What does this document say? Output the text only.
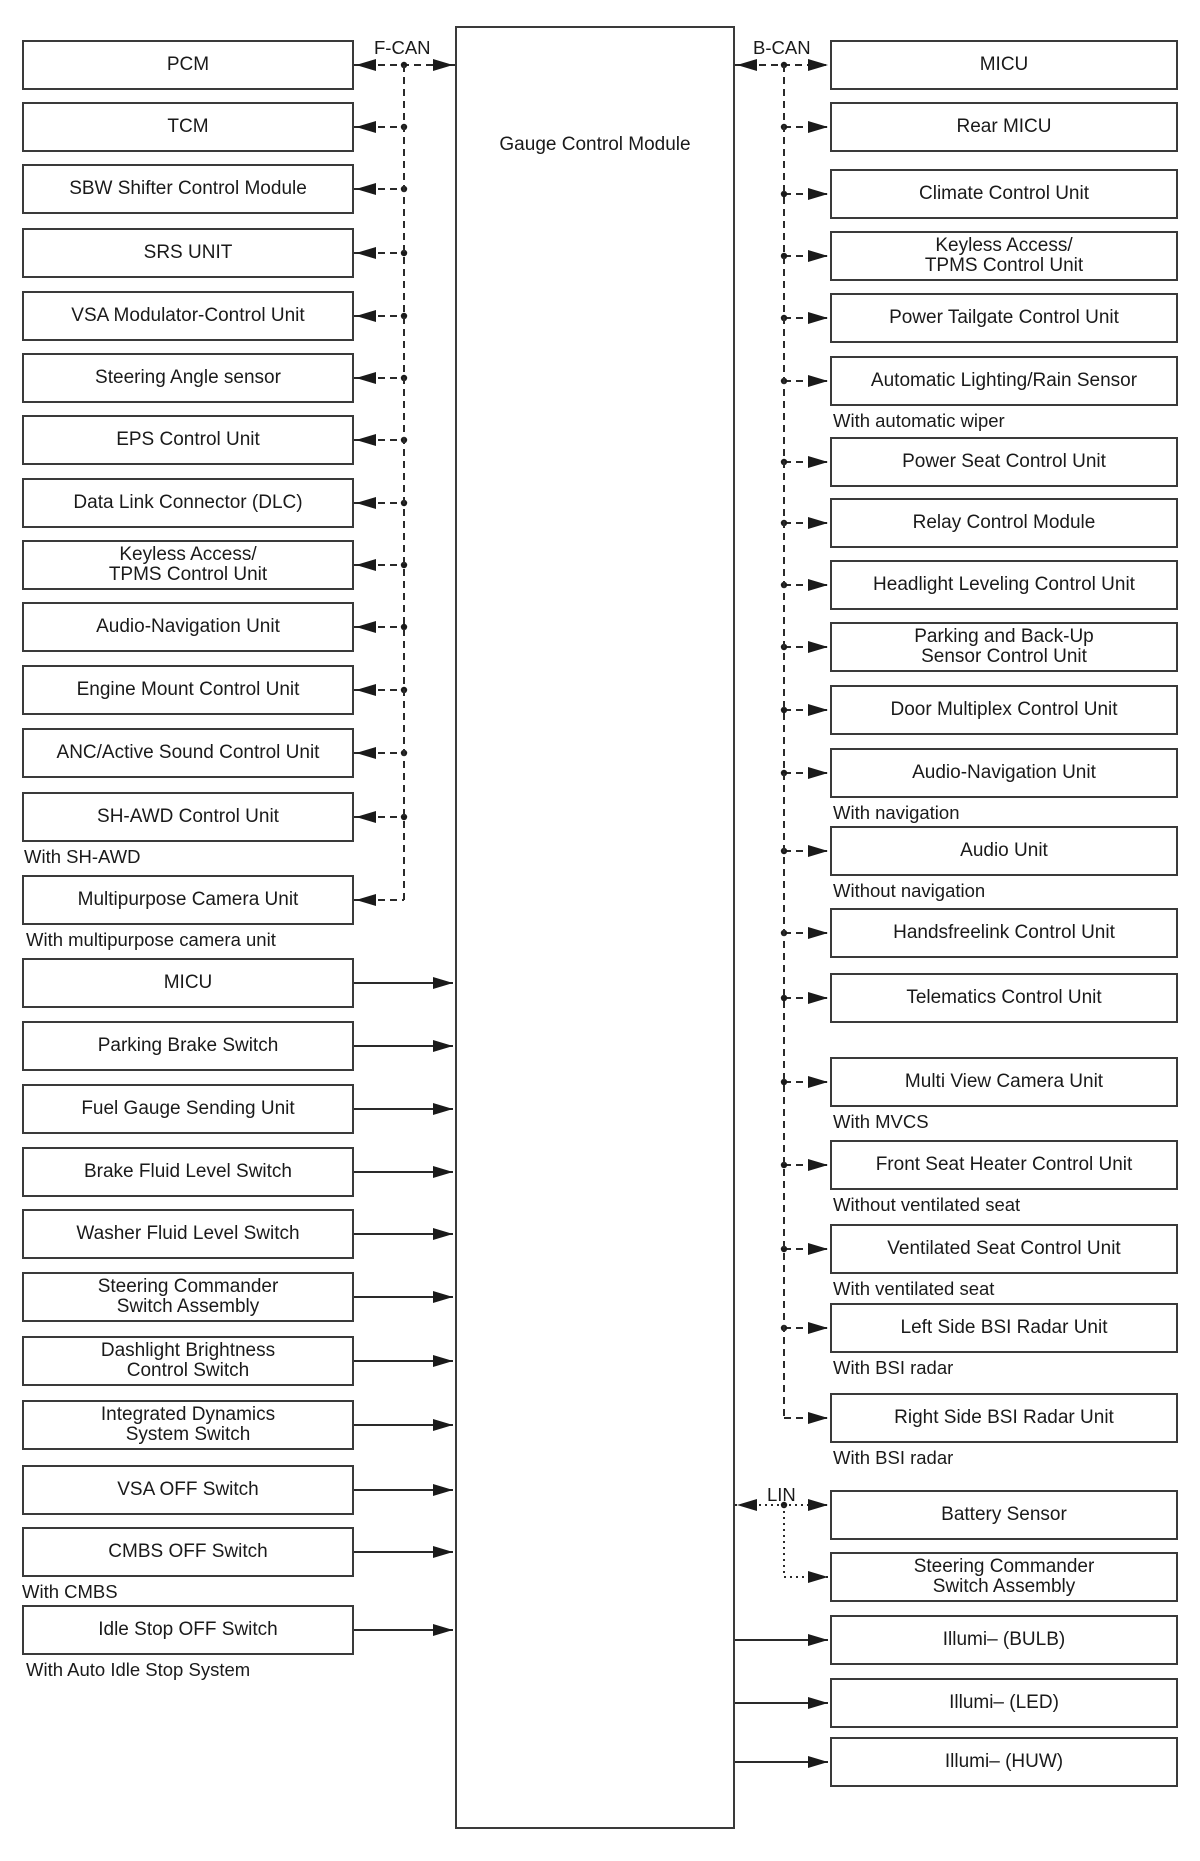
Gauge Control Module
F-CAN	B-CAN
LIN
PCM
TCM
SBW Shifter Control Module
SRS UNIT
VSA Modulator-Control Unit
Steering Angle sensor
EPS Control Unit
Data Link Connector (DLC)
Keyless Access/
TPMS Control Unit
Audio-Navigation Unit
Engine Mount Control Unit
ANC/Active Sound Control Unit
SH-AWD Control Unit
With SH-AWD
Multipurpose Camera Unit
With multipurpose camera unit
MICU
Parking Brake Switch
Fuel Gauge Sending Unit
Brake Fluid Level Switch
Washer Fluid Level Switch
Steering Commander
Switch Assembly
Dashlight Brightness
Control Switch
Integrated Dynamics
System Switch
VSA OFF Switch
CMBS OFF Switch
With CMBS
Idle Stop OFF Switch
With Auto Idle Stop System
MICU
Rear MICU
Climate Control Unit
Keyless Access/
TPMS Control Unit
Power Tailgate Control Unit
Automatic Lighting/Rain Sensor
With automatic wiper
Power Seat Control Unit
Relay Control Module
Headlight Leveling Control Unit
Parking and Back-Up
Sensor Control Unit
Door Multiplex Control Unit
Audio-Navigation Unit
With navigation
Audio Unit
Without navigation
Handsfreelink Control Unit
Telematics Control Unit
Multi View Camera Unit
With MVCS
Front Seat Heater Control Unit
Without ventilated seat
Ventilated Seat Control Unit
With ventilated seat
Left Side BSI Radar Unit
With BSI radar
Right Side BSI Radar Unit
With BSI radar
Battery Sensor
Steering Commander
Switch Assembly
Illumi– (BULB)
Illumi– (LED)
Illumi– (HUW)
